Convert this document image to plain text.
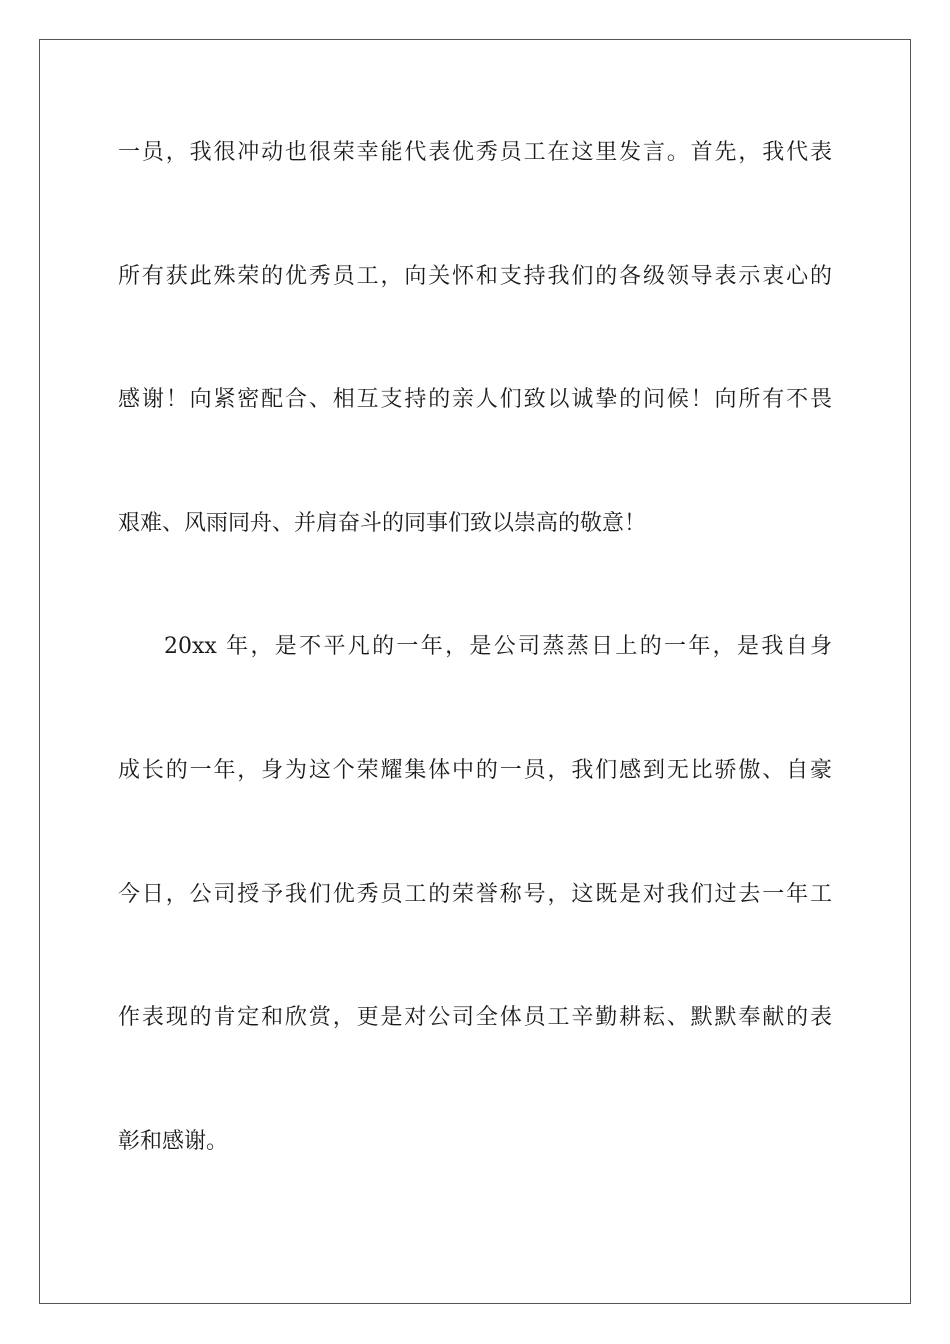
一员，我很冲动也很荣幸能代表优秀员工在这里发言。首先，我代表
所有获此殊荣的优秀员工，向关怀和支持我们的各级领导表示衷心的
感谢！向紧密配合、相互支持的亲人们致以诚挚的问候！向所有不畏
艰难、风雨同舟、并肩奋斗的同事们致以崇高的敬意！
20xx 年，是不平凡的一年，是公司蒸蒸日上的一年，是我自身
成长的一年，身为这个荣耀集体中的一员，我们感到无比骄傲、自豪
今日，公司授予我们优秀员工的荣誉称号，这既是对我们过去一年工
作表现的肯定和欣赏，更是对公司全体员工辛勤耕耘、默默奉献的表
彰和感谢。
